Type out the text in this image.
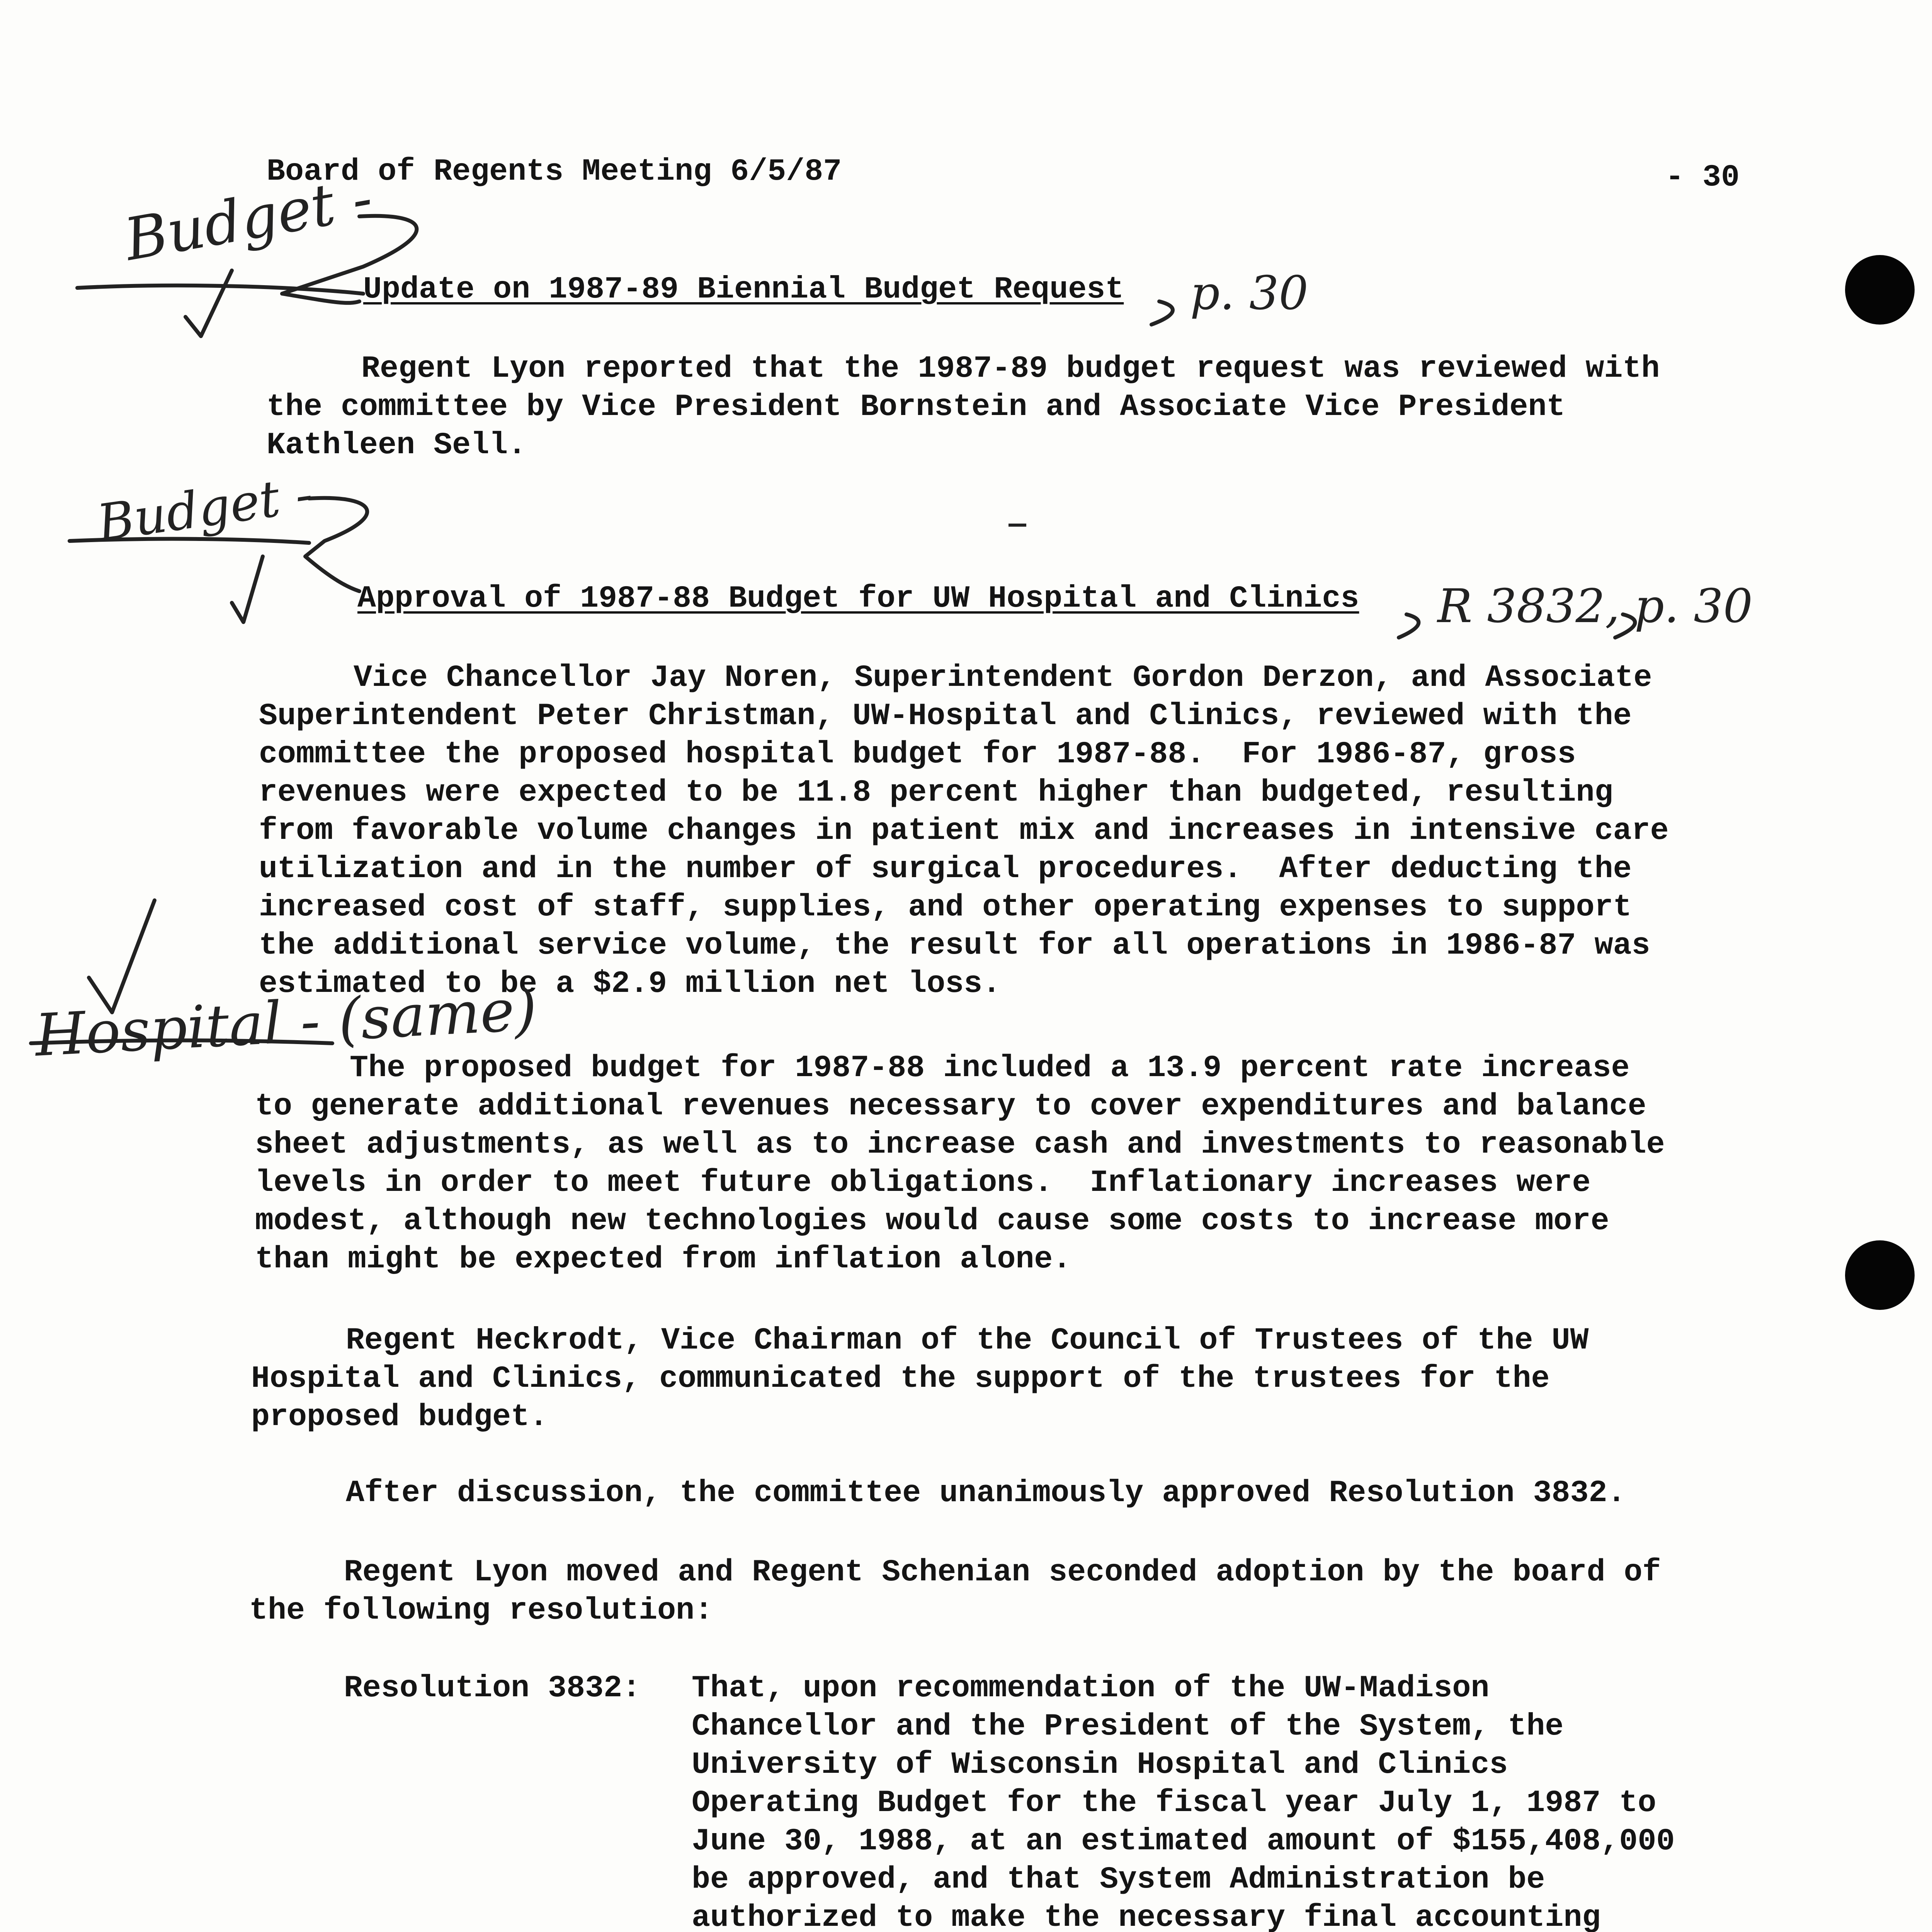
Board of Regents Meeting 6/5/87	- 30
Update on 1987-89 Biennial Budget Request
Regent Lyon reported that the 1987-89 budget request was reviewed with
the committee by Vice President Bornstein and Associate Vice President
Kathleen Sell.
Approval of 1987-88 Budget for UW Hospital and Clinics
Vice Chancellor Jay Noren, Superintendent Gordon Derzon, and Associate
Superintendent Peter Christman, UW-Hospital and Clinics, reviewed with the
committee the proposed hospital budget for 1987-88.  For 1986-87, gross
revenues were expected to be 11.8 percent higher than budgeted, resulting
from favorable volume changes in patient mix and increases in intensive care
utilization and in the number of surgical procedures.  After deducting the
increased cost of staff, supplies, and other operating expenses to support
the additional service volume, the result for all operations in 1986-87 was
estimated to be a $2.9 million net loss.
The proposed budget for 1987-88 included a 13.9 percent rate increase
to generate additional revenues necessary to cover expenditures and balance
sheet adjustments, as well as to increase cash and investments to reasonable
levels in order to meet future obligations.  Inflationary increases were
modest, although new technologies would cause some costs to increase more
than might be expected from inflation alone.
Regent Heckrodt, Vice Chairman of the Council of Trustees of the UW
Hospital and Clinics, communicated the support of the trustees for the
proposed budget.
After discussion, the committee unanimously approved Resolution 3832.
Regent Lyon moved and Regent Schenian seconded adoption by the board of
the following resolution:
Resolution 3832: That, upon recommendation of the UW-Madison
Chancellor and the President of the System, the
University of Wisconsin Hospital and Clinics
Operating Budget for the fiscal year July 1, 1987 to
June 30, 1988, at an estimated amount of $155,408,000
be approved, and that System Administration be
authorized to make the necessary final accounting
Budget -
p. 30
Budget -
R 3832, p. 30
Hospital - (same)
